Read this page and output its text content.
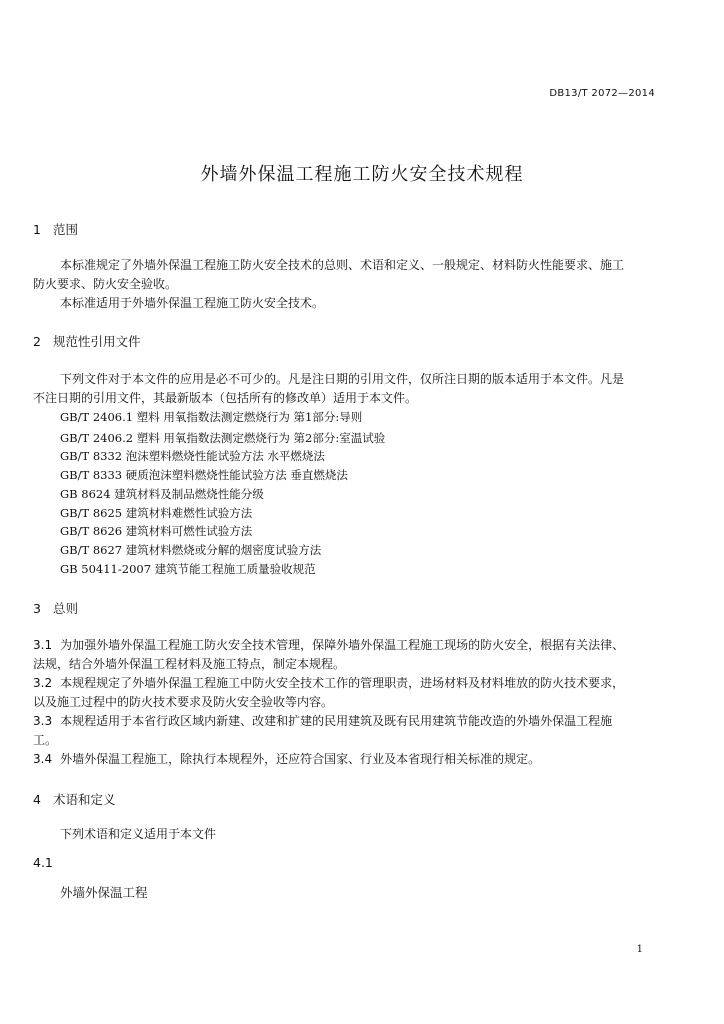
DB13/T 2072—2014
外墙外保温工程施工防火安全技术规程
1 范围
本标准规定了外墙外保温工程施工防火安全技术的总则、术语和定义、一般规定、材料防火性能要求、施工
防火要求、防火安全验收。
本标准适用于外墙外保温工程施工防火安全技术。
2 规范性引用文件
下列文件对于本文件的应用是必不可少的。凡是注日期的引用文件，仅所注日期的版本适用于本文件。凡是
不注日期的引用文件，其最新版本（包括所有的修改单）适用于本文件。
GB/T 2406.1 塑料 用氧指数法测定燃烧行为 第1部分:导则
GB/T 2406.2 塑料 用氧指数法测定燃烧行为 第2部分:室温试验
GB/T 8332 泡沫塑料燃烧性能试验方法 水平燃烧法
GB/T 8333 硬质泡沫塑料燃烧性能试验方法 垂直燃烧法
GB 8624 建筑材料及制品燃烧性能分级
GB/T 8625 建筑材料难燃性试验方法
GB/T 8626 建筑材料可燃性试验方法
GB/T 8627 建筑材料燃烧或分解的烟密度试验方法
GB 50411-2007 建筑节能工程施工质量验收规范
3 总则
3.1 为加强外墙外保温工程施工防火安全技术管理，保障外墙外保温工程施工现场的防火安全，根据有关法律、
法规，结合外墙外保温工程材料及施工特点，制定本规程。
3.2 本规程规定了外墙外保温工程施工中防火安全技术工作的管理职责，进场材料及材料堆放的防火技术要求，
以及施工过程中的防火技术要求及防火安全验收等内容。
3.3 本规程适用于本省行政区域内新建、改建和扩建的民用建筑及既有民用建筑节能改造的外墙外保温工程施
工。
3.4 外墙外保温工程施工，除执行本规程外，还应符合国家、行业及本省现行相关标准的规定。
4 术语和定义
下列术语和定义适用于本文件
4.1
外墙外保温工程
1
